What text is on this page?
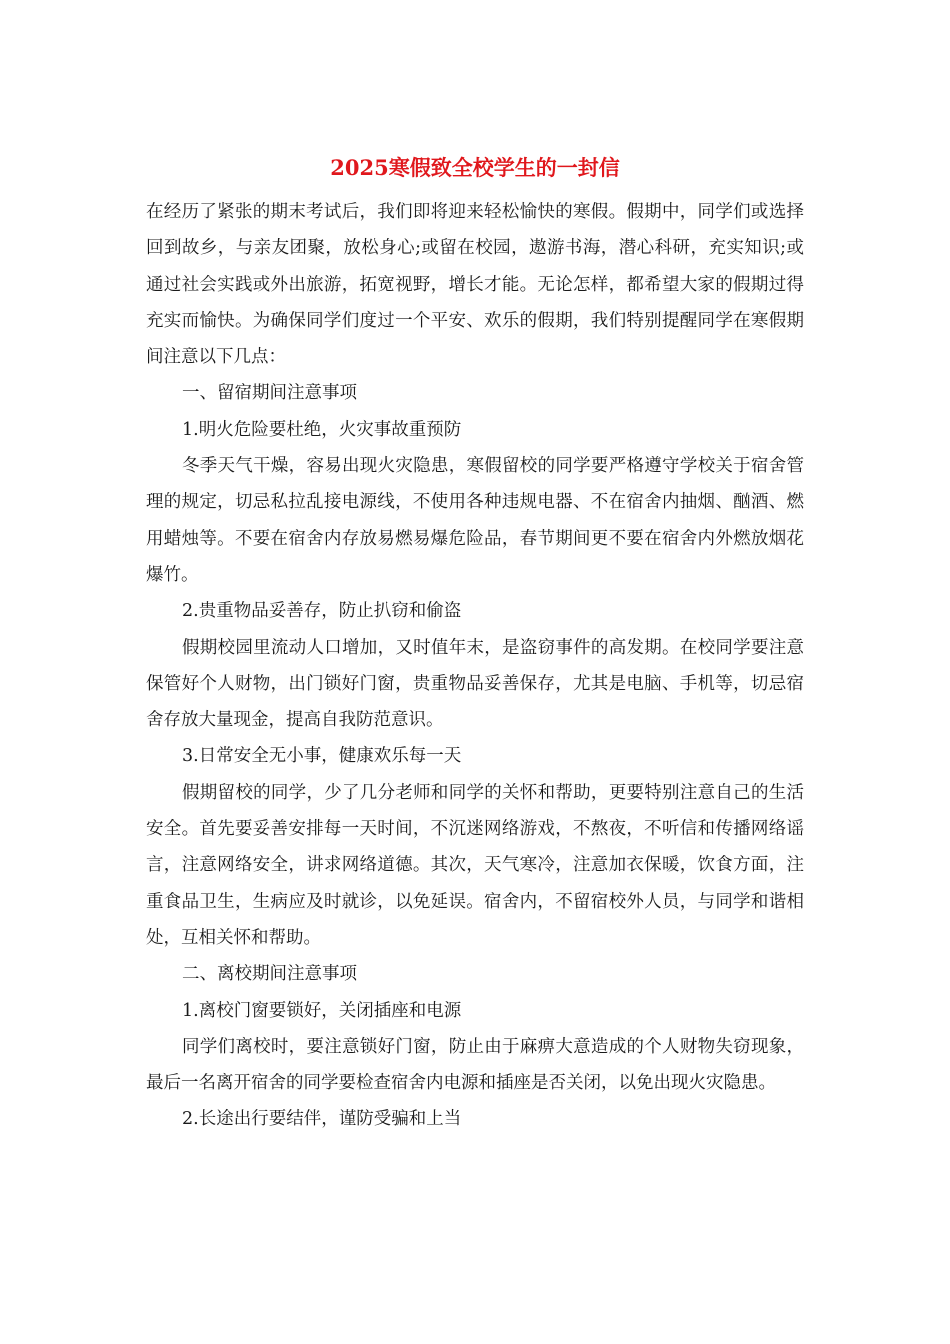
2025寒假致全校学生的一封信

在经历了紧张的期末考试后，我们即将迎来轻松愉快的寒假。假期中，同学们或选择回到故乡，与亲友团聚，放松身心;或留在校园，遨游书海，潜心科研，充实知识;或通过社会实践或外出旅游，拓宽视野，增长才能。无论怎样，都希望大家的假期过得充实而愉快。为确保同学们度过一个平安、欢乐的假期，我们特别提醒同学在寒假期间注意以下几点：

一、留宿期间注意事项

1.明火危险要杜绝，火灾事故重预防

冬季天气干燥，容易出现火灾隐患，寒假留校的同学要严格遵守学校关于宿舍管理的规定，切忌私拉乱接电源线，不使用各种违规电器、不在宿舍内抽烟、酗酒、燃用蜡烛等。不要在宿舍内存放易燃易爆危险品，春节期间更不要在宿舍内外燃放烟花爆竹。

2.贵重物品妥善存，防止扒窃和偷盗

假期校园里流动人口增加，又时值年末，是盗窃事件的高发期。在校同学要注意保管好个人财物，出门锁好门窗，贵重物品妥善保存，尤其是电脑、手机等，切忌宿舍存放大量现金，提高自我防范意识。

3.日常安全无小事，健康欢乐每一天

假期留校的同学，少了几分老师和同学的关怀和帮助，更要特别注意自己的生活安全。首先要妥善安排每一天时间，不沉迷网络游戏，不熬夜，不听信和传播网络谣言，注意网络安全，讲求网络道德。其次，天气寒冷，注意加衣保暖，饮食方面，注重食品卫生，生病应及时就诊，以免延误。宿舍内，不留宿校外人员，与同学和谐相处，互相关怀和帮助。

二、离校期间注意事项

1.离校门窗要锁好，关闭插座和电源

同学们离校时，要注意锁好门窗，防止由于麻痹大意造成的个人财物失窃现象，最后一名离开宿舍的同学要检查宿舍内电源和插座是否关闭，以免出现火灾隐患。

2.长途出行要结伴，谨防受骗和上当
